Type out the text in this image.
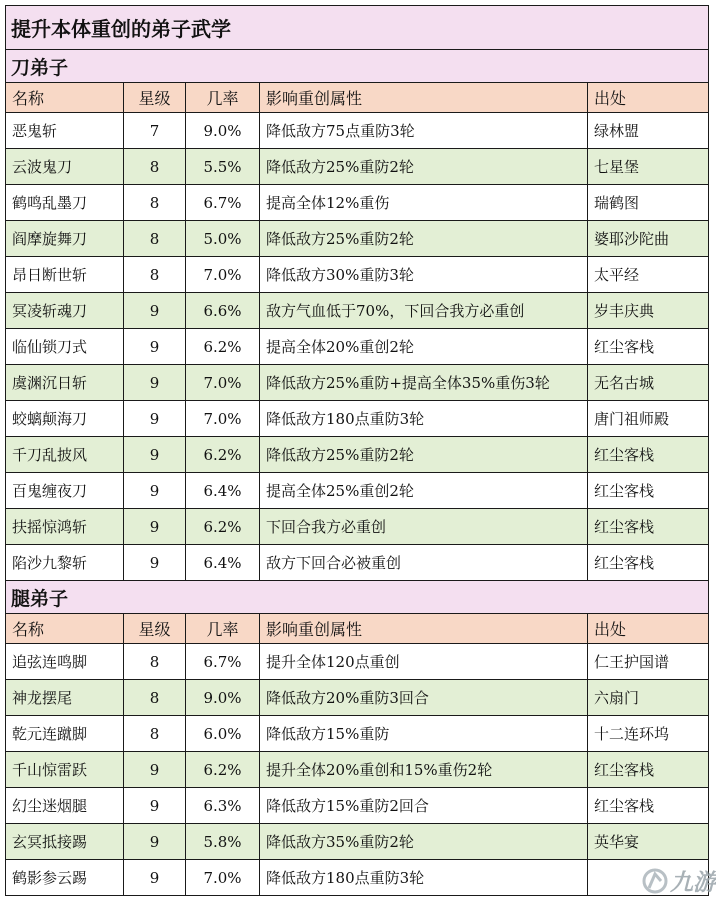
提升本体重创的弟子武学				
刀弟子				
名称	星级	几率	影响重创属性	出处
恶鬼斩	7	9.0%	降低敌方75点重防3轮	绿林盟
云波鬼刀	8	5.5%	降低敌方25%重防2轮	七星堡
鹤鸣乱墨刀	8	6.7%	提高全体12%重伤	瑞鹤图
阎摩旋舞刀	8	5.0%	降低敌方25%重防2轮	婆耶沙陀曲
昂日断世斩	8	7.0%	降低敌方30%重防3轮	太平经
冥凌斩魂刀	9	6.6%	敌方气血低于70%，下回合我方必重创	岁丰庆典
临仙锁刀式	9	6.2%	提高全体20%重创2轮	红尘客栈
虞渊沉日斩	9	7.0%	降低敌方25%重防+提高全体35%重伤3轮	无名古城
蛟螭颠海刀	9	7.0%	降低敌方180点重防3轮	唐门祖师殿
千刀乱披风	9	6.2%	降低敌方25%重防2轮	红尘客栈
百鬼缠夜刀	9	6.4%	提高全体25%重创2轮	红尘客栈
扶摇惊鸿斩	9	6.2%	下回合我方必重创	红尘客栈
陷沙九黎斩	9	6.4%	敌方下回合必被重创	红尘客栈
腿弟子				
名称	星级	几率	影响重创属性	出处
追弦连鸣脚	8	6.7%	提升全体120点重创	仁王护国谱
神龙摆尾	8	9.0%	降低敌方20%重防3回合	六扇门
乾元连蹴脚	8	6.0%	降低敌方15%重防	十二连环坞
千山惊雷跃	9	6.2%	提升全体20%重创和15%重伤2轮	红尘客栈
幻尘迷烟腿	9	6.3%	降低敌方15%重防2回合	红尘客栈
玄冥抵接踢	9	5.8%	降低敌方35%重防2轮	英华宴
鹤影参云踢	9	7.0%	降低敌方180点重防3轮		九游
